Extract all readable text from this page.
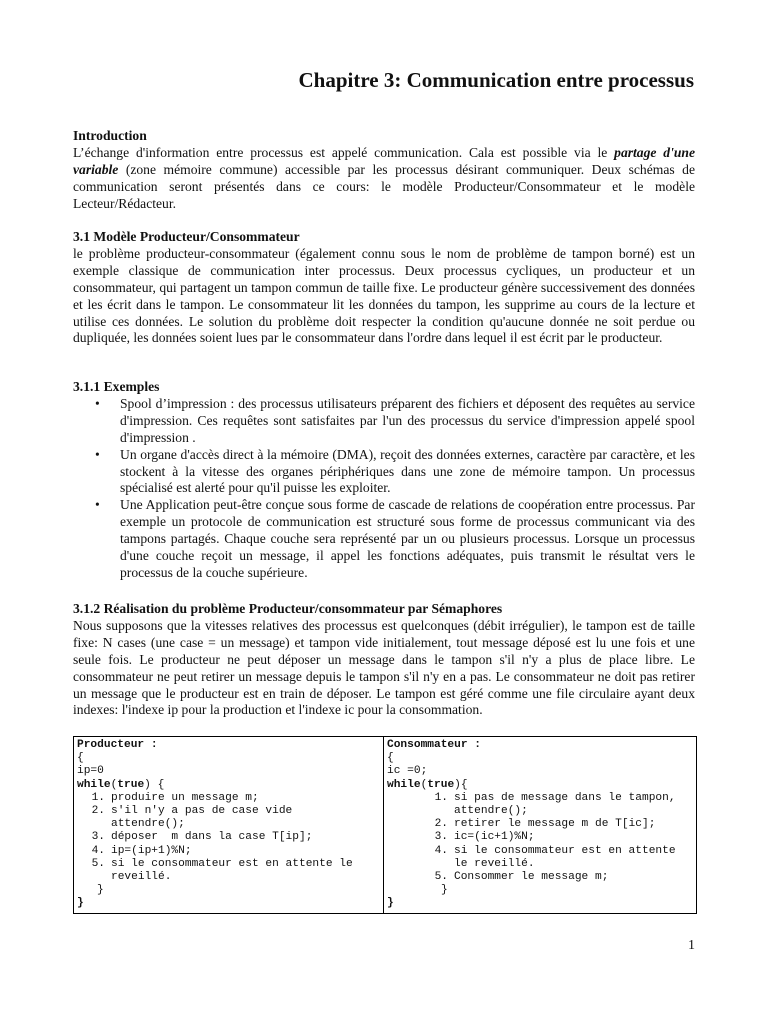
Chapitre 3: Communication entre processus
Introduction

L’échange d'information entre processus est appelé communication. Cala est possible via le partage d'une variable (zone mémoire commune) accessible par les processus désirant communiquer. Deux schémas de communication seront présentés dans ce cours: le modèle Producteur/Consommateur et le modèle Lecteur/Rédacteur.

3.1 Modèle Producteur/Consommateur

le problème producteur-consommateur (également connu sous le nom de problème de tampon borné) est un exemple classique de communication inter processus. Deux processus cycliques, un producteur et un consommateur, qui partagent un tampon commun de taille fixe. Le producteur génère successivement des données et les écrit dans le tampon. Le consommateur lit les données du tampon, les supprime au cours de la lecture et utilise ces données. Le solution du problème doit respecter la condition qu'aucune donnée ne soit perdue ou dupliquée, les données soient lues par le consommateur dans l'ordre dans lequel il est écrit par le producteur.

3.1.1 Exemples
• Spool d’impression : des processus utilisateurs préparent des fichiers et déposent des requêtes au service d'impression. Ces requêtes sont satisfaites par l'un des processus du service d'impression appelé spool d'impression .
• Un organe d'accès direct à la mémoire (DMA), reçoit des données externes, caractère par caractère, et les stockent à la vitesse des organes périphériques dans une zone de mémoire tampon. Un processus spécialisé est alerté pour qu'il puisse les exploiter.
• Une Application peut-être conçue sous forme de cascade de relations de coopération entre processus. Par exemple un protocole de communication est structuré sous forme de processus communicant via des tampons partagés. Chaque couche sera représenté par un ou plusieurs processus. Lorsque un processus d'une couche reçoit un message, il appel les fonctions adéquates, puis transmit le résultat vers le processus de la couche supérieure.
3.1.2 Réalisation du problème Producteur/consommateur par Sémaphores

Nous supposons que la vitesses relatives des processus est quelconques (débit irrégulier), le tampon est de taille fixe: N cases (une case = un message) et tampon vide initialement, tout message déposé est lu une fois et une seule fois. Le producteur ne peut déposer un message dans le tampon s'il n'y a plus de place libre. Le consommateur ne peut retirer un message depuis le tampon s'il n'y en a pas. Le consommateur ne doit pas retirer un message que le producteur est en train de déposer. Le tampon est géré comme une file circulaire ayant deux indexes: l'indexe ip pour la production et l'indexe ic pour la consommation.

Producteur :
{
ip=0
while(true) {
1. produire un message m;
2. s'il n'y a pas de case vide
attendre();
3. déposer  m dans la case T[ip];
4. ip=(ip+1)%N;
5. si le consommateur est en attente le
reveillé.
}
}

Consommateur :
{
ic =0;
while(true){
1. si pas de message dans le tampon,
attendre();
2. retirer le message m de T[ic];
3. ic=(ic+1)%N;
4. si le consommateur est en attente
le reveillé.
5. Consommer le message m;
}
}
1
